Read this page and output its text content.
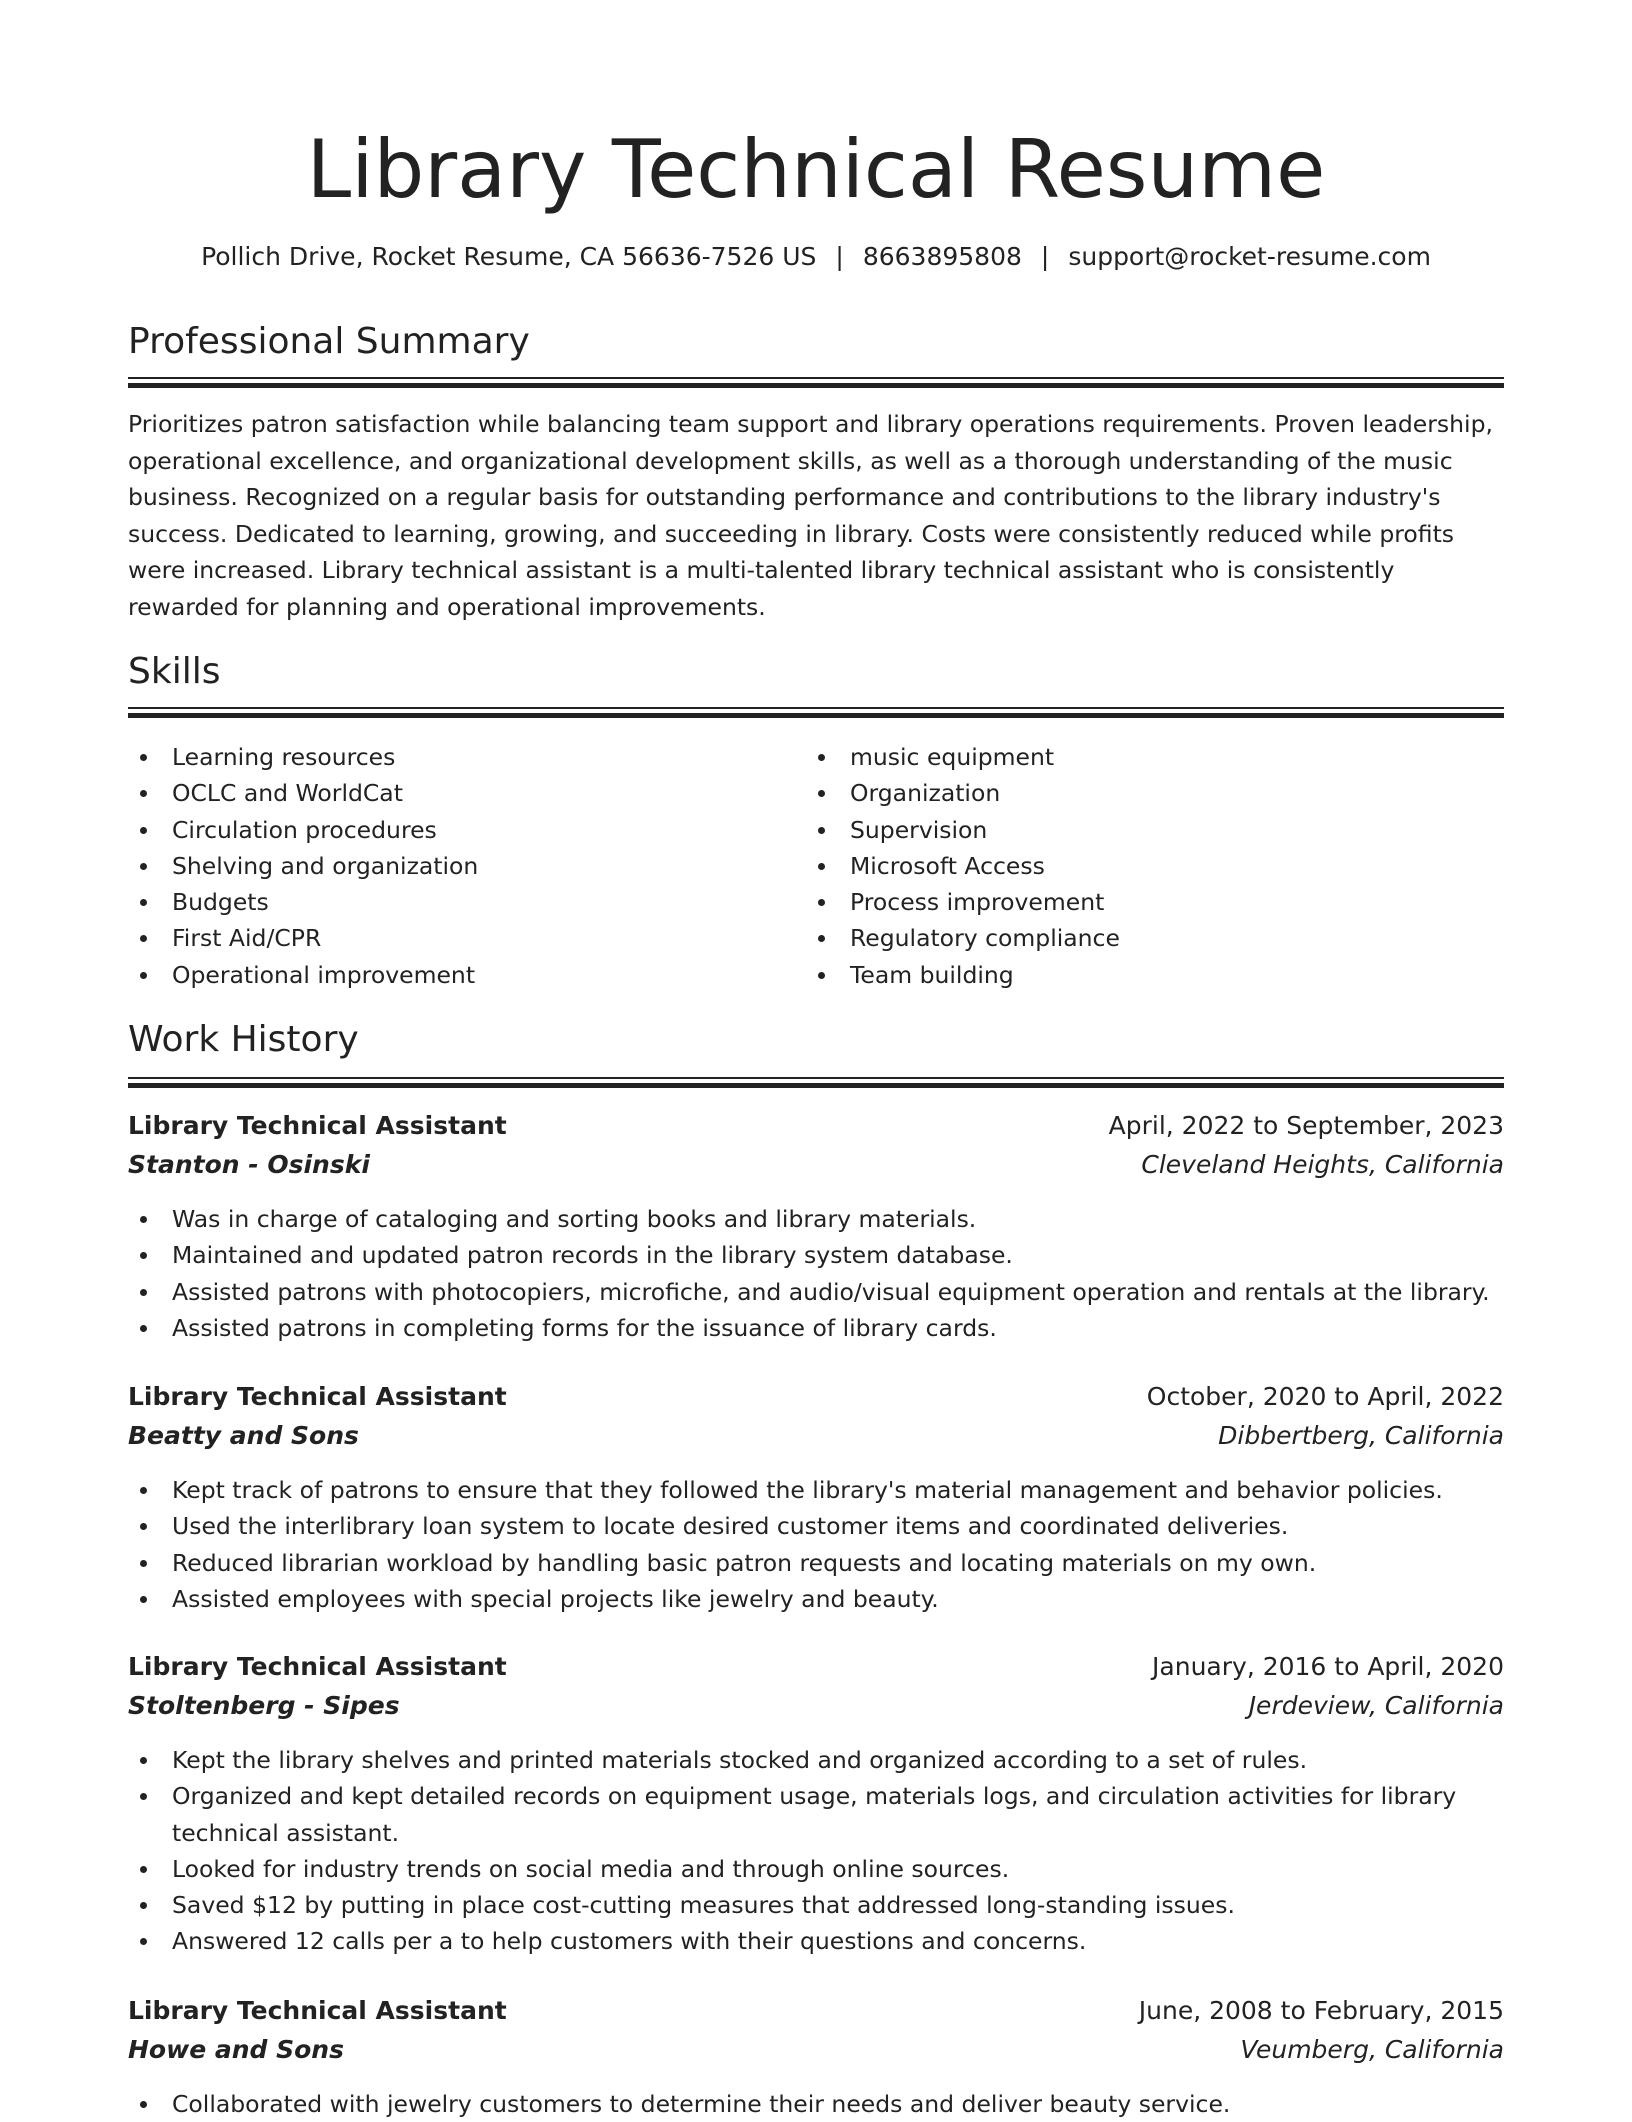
Library Technical Resume
Pollich Drive, Rocket Resume, CA 56636-7526 US | 8663895808 | support@rocket-resume.com
Professional Summary

Prioritizes patron satisfaction while balancing team support and library operations requirements. Proven leadership, operational excellence, and organizational development skills, as well as a thorough understanding of the music business. Recognized on a regular basis for outstanding performance and contributions to the library industry's success. Dedicated to learning, growing, and succeeding in library. Costs were consistently reduced while profits were increased. Library technical assistant is a multi-talented library technical assistant who is consistently rewarded for planning and operational improvements.

Skills
Learning resources
OCLC and WorldCat
Circulation procedures
Shelving and organization
Budgets
First Aid/CPR
Operational improvement
music equipment
Organization
Supervision
Microsoft Access
Process improvement
Regulatory compliance
Team building
Work History
Library Technical Assistant	April, 2022 to September, 2023
Stanton - Osinski	Cleveland Heights, California
Was in charge of cataloging and sorting books and library materials.
Maintained and updated patron records in the library system database.
Assisted patrons with photocopiers, microfiche, and audio/visual equipment operation and rentals at the library.
Assisted patrons in completing forms for the issuance of library cards.
Library Technical Assistant	October, 2020 to April, 2022
Beatty and Sons	Dibbertberg, California
Kept track of patrons to ensure that they followed the library's material management and behavior policies.
Used the interlibrary loan system to locate desired customer items and coordinated deliveries.
Reduced librarian workload by handling basic patron requests and locating materials on my own.
Assisted employees with special projects like jewelry and beauty.
Library Technical Assistant	January, 2016 to April, 2020
Stoltenberg - Sipes	Jerdeview, California
Kept the library shelves and printed materials stocked and organized according to a set of rules.
Organized and kept detailed records on equipment usage, materials logs, and circulation activities for library technical assistant.
Looked for industry trends on social media and through online sources.
Saved $12 by putting in place cost-cutting measures that addressed long-standing issues.
Answered 12 calls per a to help customers with their questions and concerns.
Library Technical Assistant	June, 2008 to February, 2015
Howe and Sons	Veumberg, California
Collaborated with jewelry customers to determine their needs and deliver beauty service.
